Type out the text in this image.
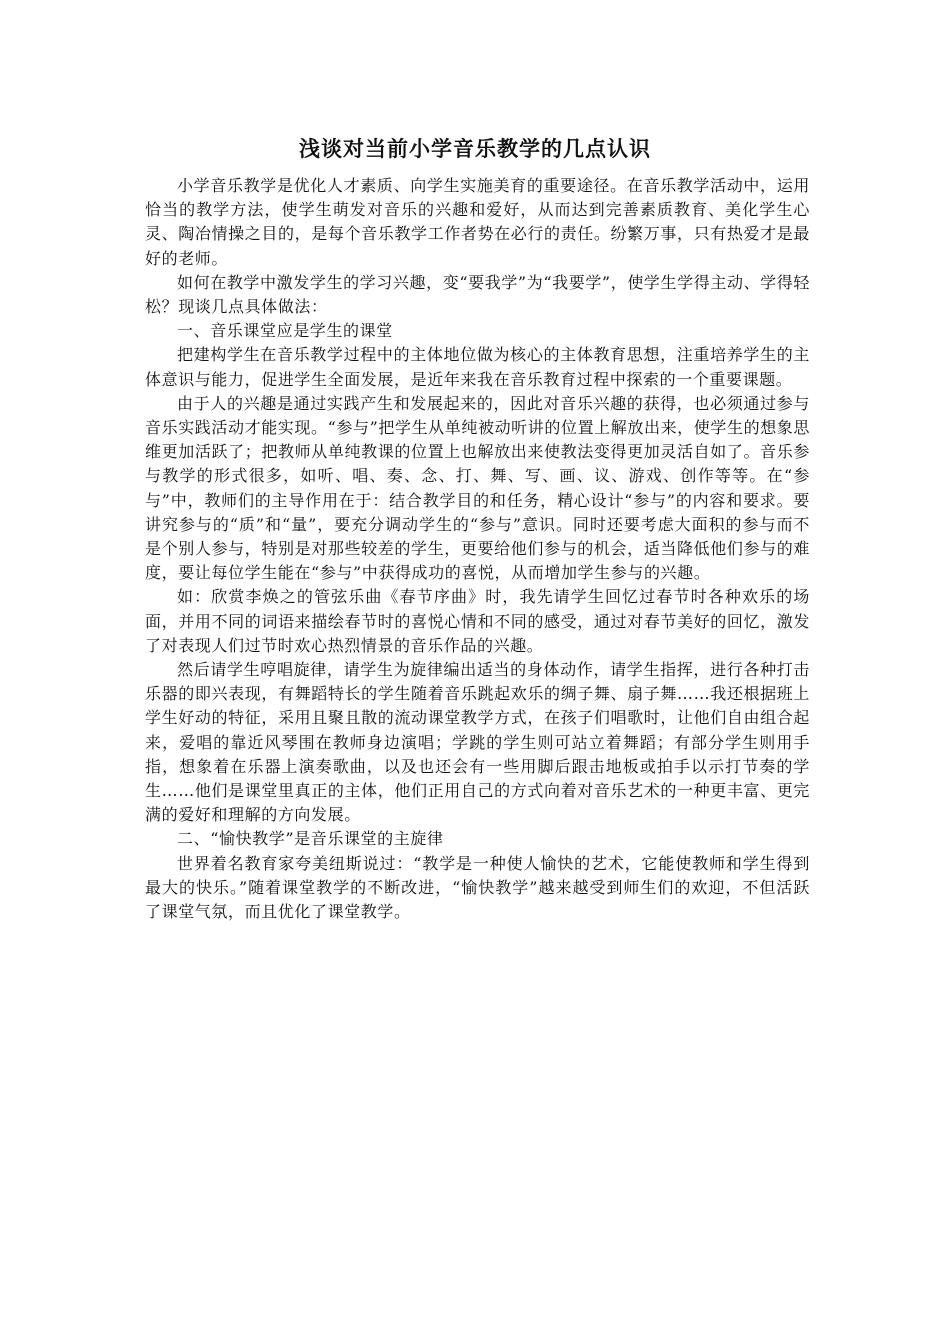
浅谈对当前小学音乐教学的几点认识

小学音乐教学是优化人才素质、向学生实施美育的重要途径。在音乐教学活动中，运用恰当的教学方法，使学生萌发对音乐的兴趣和爱好，从而达到完善素质教育、美化学生心灵、陶冶情操之目的，是每个音乐教学工作者势在必行的责任。纷繁万事，只有热爱才是最好的老师。

如何在教学中激发学生的学习兴趣，变“要我学”为“我要学”，使学生学得主动、学得轻松？现谈几点具体做法：

一、音乐课堂应是学生的课堂

把建构学生在音乐教学过程中的主体地位做为核心的主体教育思想，注重培养学生的主体意识与能力，促进学生全面发展，是近年来我在音乐教育过程中探索的一个重要课题。

由于人的兴趣是通过实践产生和发展起来的，因此对音乐兴趣的获得，也必须通过参与音乐实践活动才能实现。“参与”把学生从单纯被动听讲的位置上解放出来，使学生的想象思维更加活跃了；把教师从单纯教课的位置上也解放出来使教法变得更加灵活自如了。音乐参与教学的形式很多，如听、唱、奏、念、打、舞、写、画、议、游戏、创作等等。在“参与”中，教师们的主导作用在于：结合教学目的和任务，精心设计“参与”的内容和要求。要讲究参与的“质”和“量”，要充分调动学生的“参与”意识。同时还要考虑大面积的参与而不是个别人参与，特别是对那些较差的学生，更要给他们参与的机会，适当降低他们参与的难度，要让每位学生能在“参与”中获得成功的喜悦，从而增加学生参与的兴趣。

如：欣赏李焕之的管弦乐曲《春节序曲》时，我先请学生回忆过春节时各种欢乐的场面，并用不同的词语来描绘春节时的喜悦心情和不同的感受，通过对春节美好的回忆，激发了对表现人们过节时欢心热烈情景的音乐作品的兴趣。

然后请学生哼唱旋律，请学生为旋律编出适当的身体动作，请学生指挥，进行各种打击乐器的即兴表现，有舞蹈特长的学生随着音乐跳起欢乐的绸子舞、扇子舞……我还根据班上学生好动的特征，采用且聚且散的流动课堂教学方式，在孩子们唱歌时，让他们自由组合起来，爱唱的靠近风琴围在教师身边演唱；学跳的学生则可站立着舞蹈；有部分学生则用手指，想象着在乐器上演奏歌曲，以及也还会有一些用脚后跟击地板或拍手以示打节奏的学生……他们是课堂里真正的主体，他们正用自己的方式向着对音乐艺术的一种更丰富、更完满的爱好和理解的方向发展。

二、“愉快教学”是音乐课堂的主旋律

世界着名教育家夸美纽斯说过：“教学是一种使人愉快的艺术，它能使教师和学生得到最大的快乐。”随着课堂教学的不断改进，“愉快教学”越来越受到师生们的欢迎，不但活跃了课堂气氛，而且优化了课堂教学。
